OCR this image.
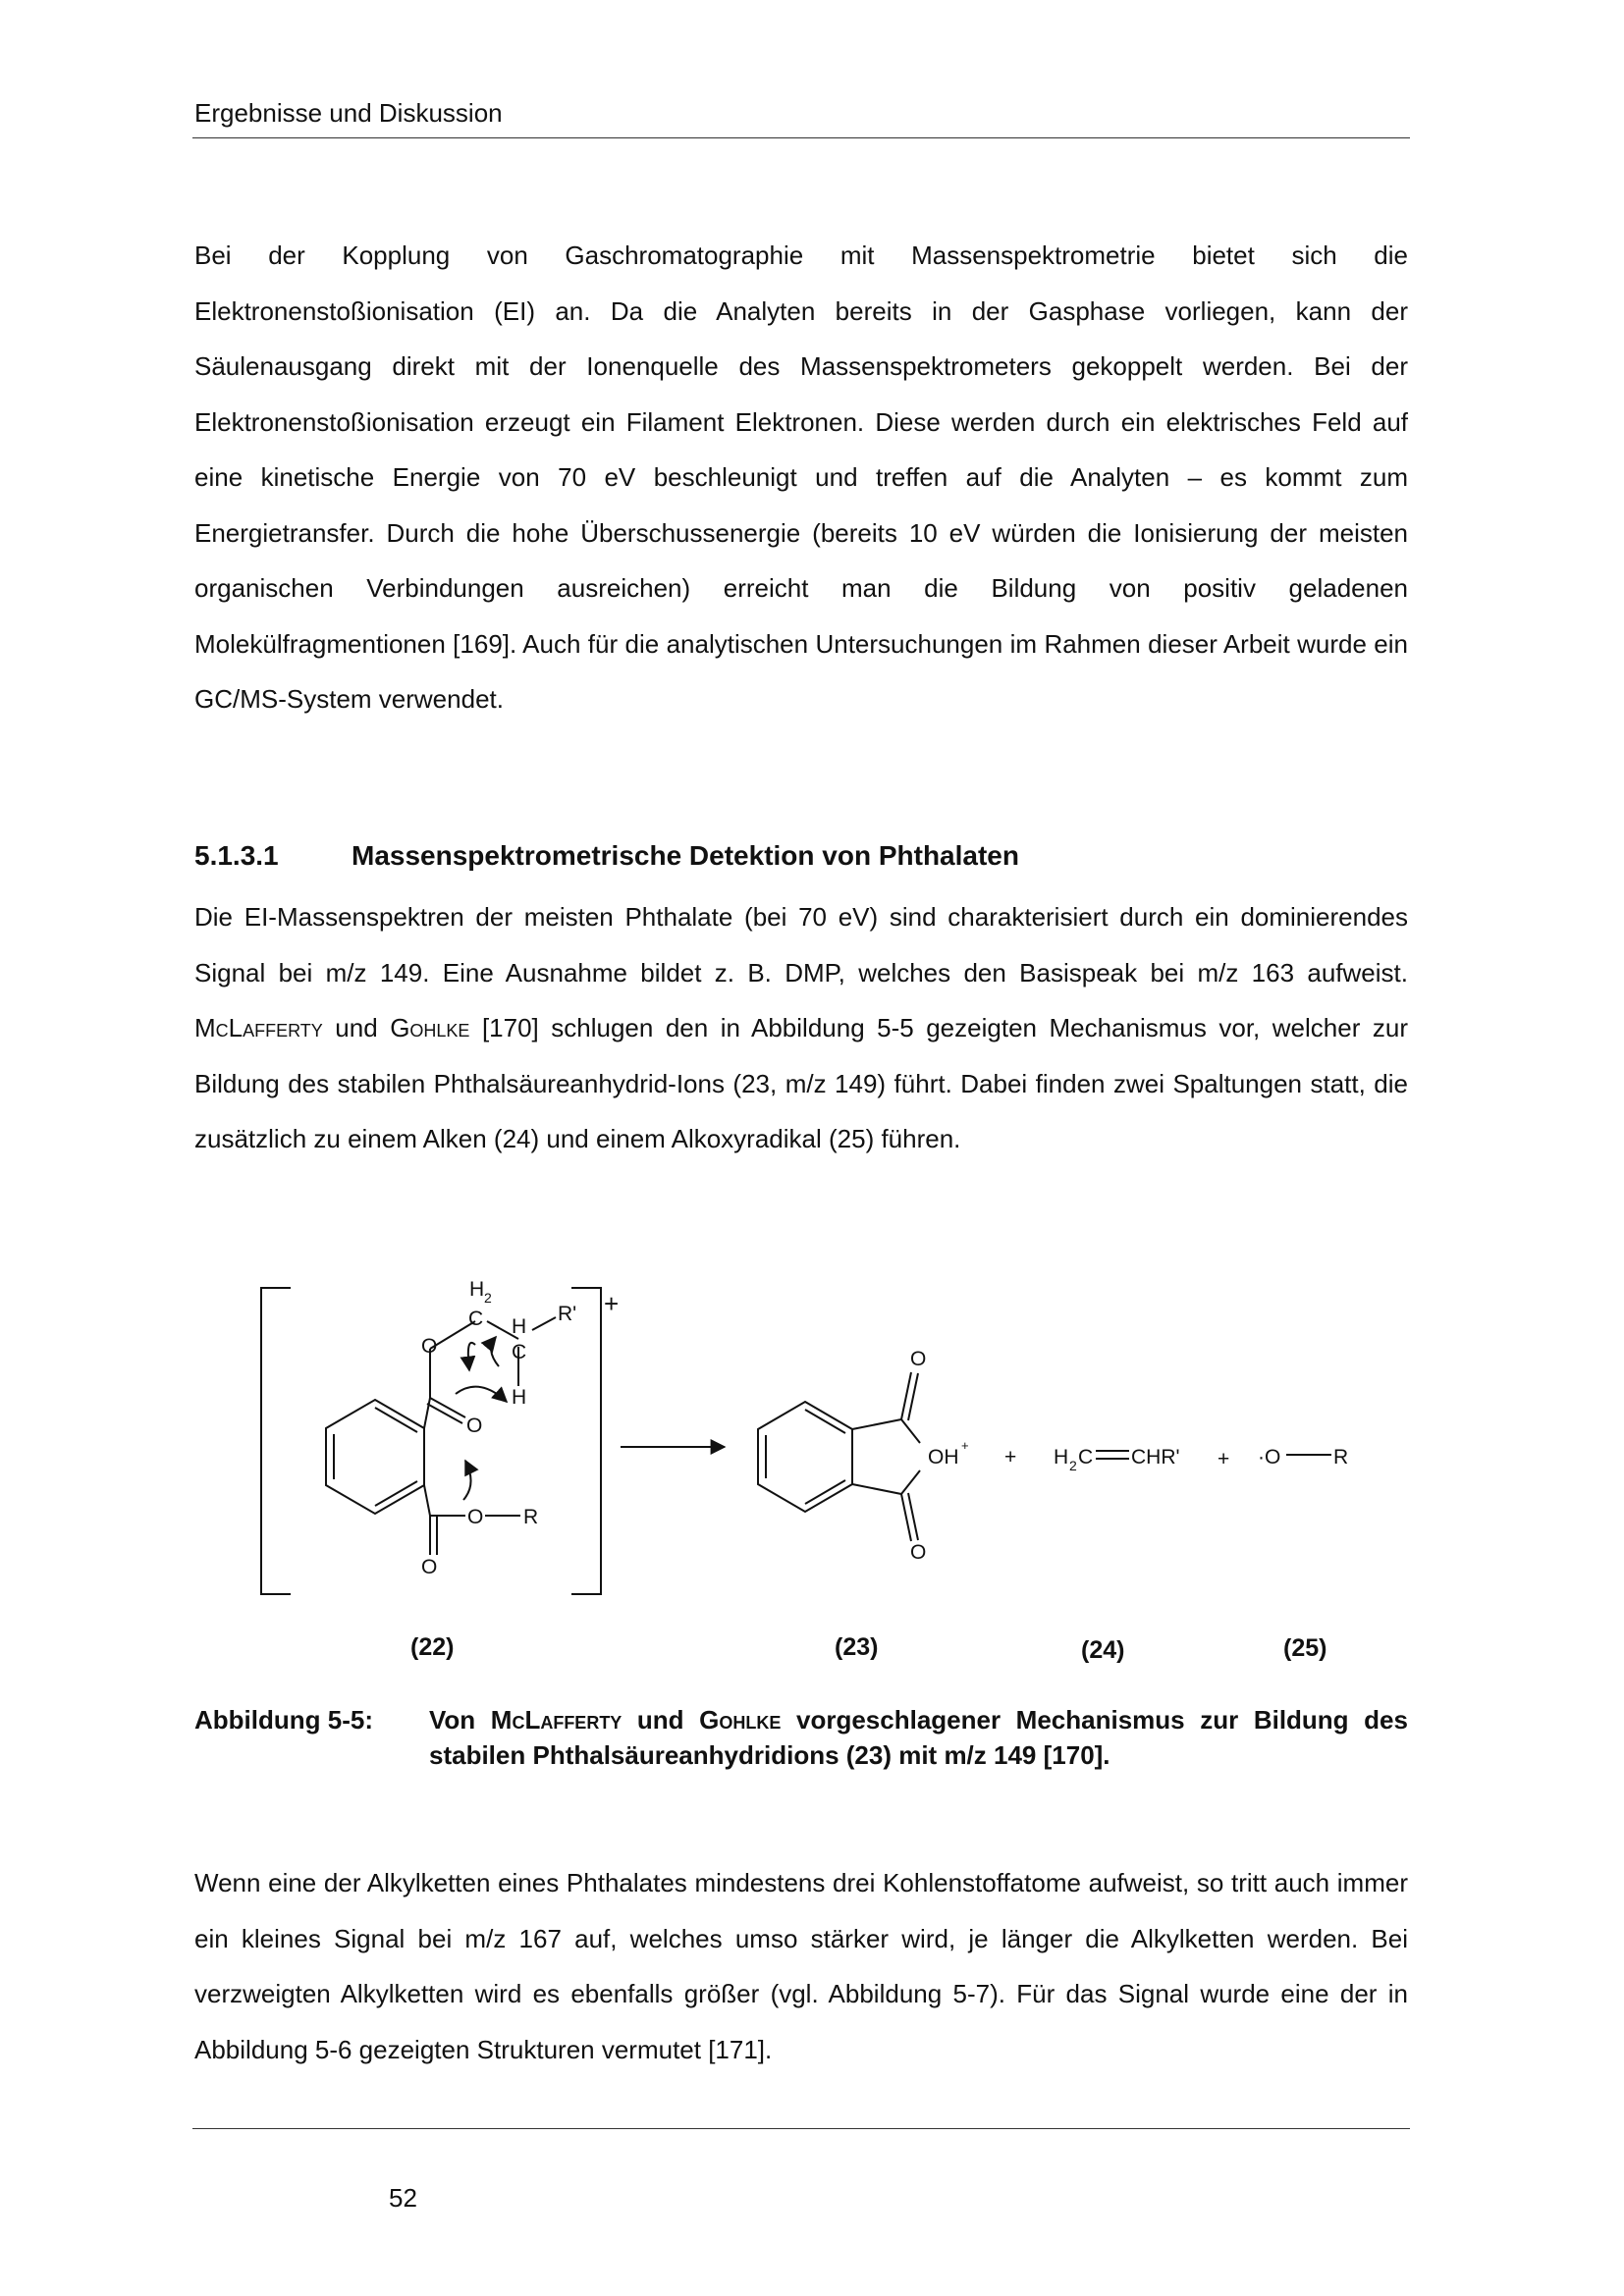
Ergebnisse und Diskussion

Bei der Kopplung von Gaschromatographie mit Massenspektrometrie bietet sich die Elektronenstoßionisation (EI) an. Da die Analyten bereits in der Gasphase vorliegen, kann der Säulenausgang direkt mit der Ionenquelle des Massenspektrometers gekoppelt werden. Bei der Elektronenstoßionisation erzeugt ein Filament Elektronen. Diese werden durch ein elektrisches Feld auf eine kinetische Energie von 70 eV beschleunigt und treffen auf die Analyten – es kommt zum Energietransfer. Durch die hohe Überschussenergie (bereits 10 eV würden die Ionisierung der meisten organischen Verbindungen ausreichen) erreicht man die Bildung von positiv geladenen Molekülfragmentionen [169]. Auch für die analytischen Untersuchungen im Rahmen dieser Arbeit wurde ein GC/MS-System verwendet.

5.1.3.1	Massenspektrometrische Detektion von Phthalaten

Die EI-Massenspektren der meisten Phthalate (bei 70 eV) sind charakterisiert durch ein dominierendes Signal bei m/z 149. Eine Ausnahme bildet z. B. DMP, welches den Basispeak bei m/z 163 aufweist. McLafferty und Gohlke [170] schlugen den in Abbildung 5-5 gezeigten Mechanismus vor, welcher zur Bildung des stabilen Phthalsäureanhydrid-Ions (23, m/z 149) führt. Dabei finden zwei Spaltungen statt, die zusätzlich zu einem Alken (24) und einem Alkoxyradikal (25) führen.

+
H 2
C H
C
R'
O
H
O
O R
O
O
OH
+
O
+ H 2 C CHR' + ·O	R
(22)	(23)	(24)	(25)
Abbildung 5-5: Von McLafferty und Gohlke vorgeschlagener Mechanismus zur Bildung des stabilen Phthalsäureanhydridions (23) mit m/z 149 [170].

Wenn eine der Alkylketten eines Phthalates mindestens drei Kohlenstoffatome aufweist, so tritt auch immer ein kleines Signal bei m/z 167 auf, welches umso stärker wird, je länger die Alkylketten werden. Bei verzweigten Alkylketten wird es ebenfalls größer (vgl. Abbildung 5-7). Für das Signal wurde eine der in Abbildung 5-6 gezeigten Strukturen vermutet [171].

52
